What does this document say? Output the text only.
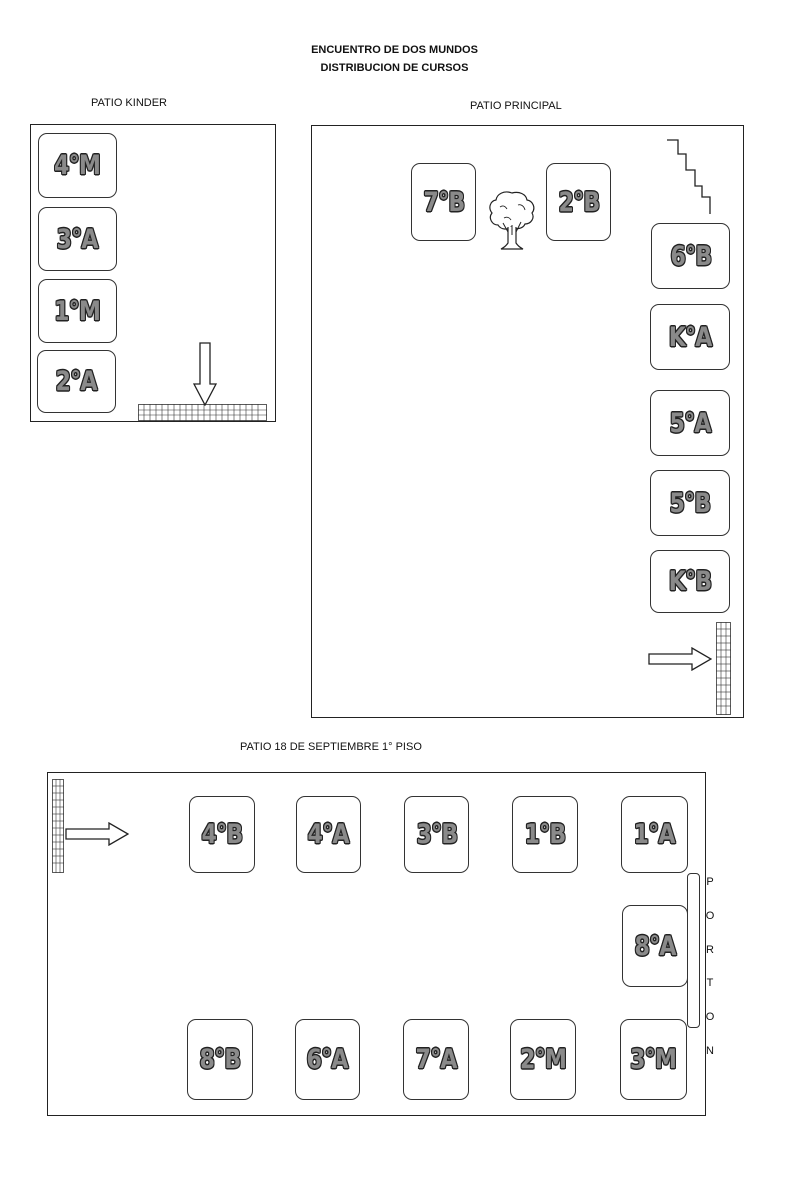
ENCUENTRO DE DOS MUNDOS
DISTRIBUCION DE CURSOS
PATIO KINDER
4°M
3°A
1°M
2°A
PATIO PRINCIPAL
7°B	2°B
6°B
K°A
5°A
5°B
K°B
PATIO 18 DE SEPTIEMBRE 1° PISO
4°B 4°A 3°B	1°B	1°A
8°A
8°B 6°A 7°A 2°M 3°M
P
O
R
T
O
N
